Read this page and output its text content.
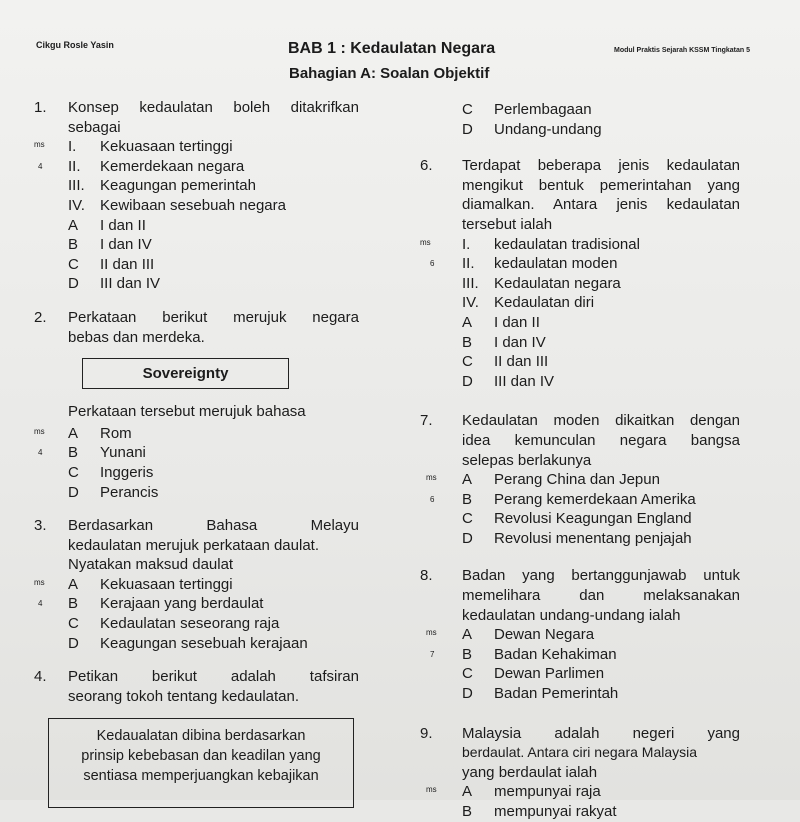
Cikgu Rosle Yasin	BAB 1 : Kedaulatan Negara	Modul Praktis Sejarah KSSM Tingkatan 5
Bahagian A: Soalan Objektif
1. Konsep kedaulatan boleh ditakrifkan
sebagai
ms I. Kekuasaan tertinggi
4 II. Kemerdekaan negara
III. Keagungan pemerintah
IV. Kewibaan sesebuah negara
A I dan II
B I dan IV
C II dan III
D III dan IV
2. Perkataan berikut merujuk negara
bebas dan merdeka.
Sovereignty
Perkataan tersebut merujuk bahasa
ms A Rom
4 B Yunani
C Inggeris
D Perancis
3. Berdasarkan Bahasa Melayu
kedaulatan merujuk perkataan daulat.
Nyatakan maksud daulat
ms A Kekuasaan tertinggi
4 B Kerajaan yang berdaulat
C Kedaulatan seseorang raja
D Keagungan sesebuah kerajaan
4. Petikan berikut adalah tafsiran
seorang tokoh tentang kedaulatan.
Kedaualatan dibina berdasarkan
prinsip kebebasan dan keadilan yang
sentiasa memperjuangkan kebajikan
C Perlembagaan
D Undang-undang
6. Terdapat beberapa jenis kedaulatan
mengikut bentuk pemerintahan yang
diamalkan. Antara jenis kedaulatan
tersebut ialah
ms I. kedaulatan tradisional
6 II. kedaulatan moden
III. Kedaulatan negara
IV. Kedaulatan diri
A I dan II
B I dan IV
C II dan III
D III dan IV
7. Kedaulatan moden dikaitkan dengan
idea kemunculan negara bangsa
selepas berlakunya
ms A Perang China dan Jepun
6 B Perang kemerdekaan Amerika
C Revolusi Keagungan England
D Revolusi menentang penjajah
8. Badan yang bertanggunjawab untuk
memelihara dan melaksanakan
kedaulatan undang-undang ialah
ms A Dewan Negara
7 B Badan Kehakiman
C Dewan Parlimen
D Badan Pemerintah
9. Malaysia adalah negeri yang
berdaulat. Antara ciri negara Malaysia
yang berdaulat ialah
ms A mempunyai raja
B mempunyai rakyat
